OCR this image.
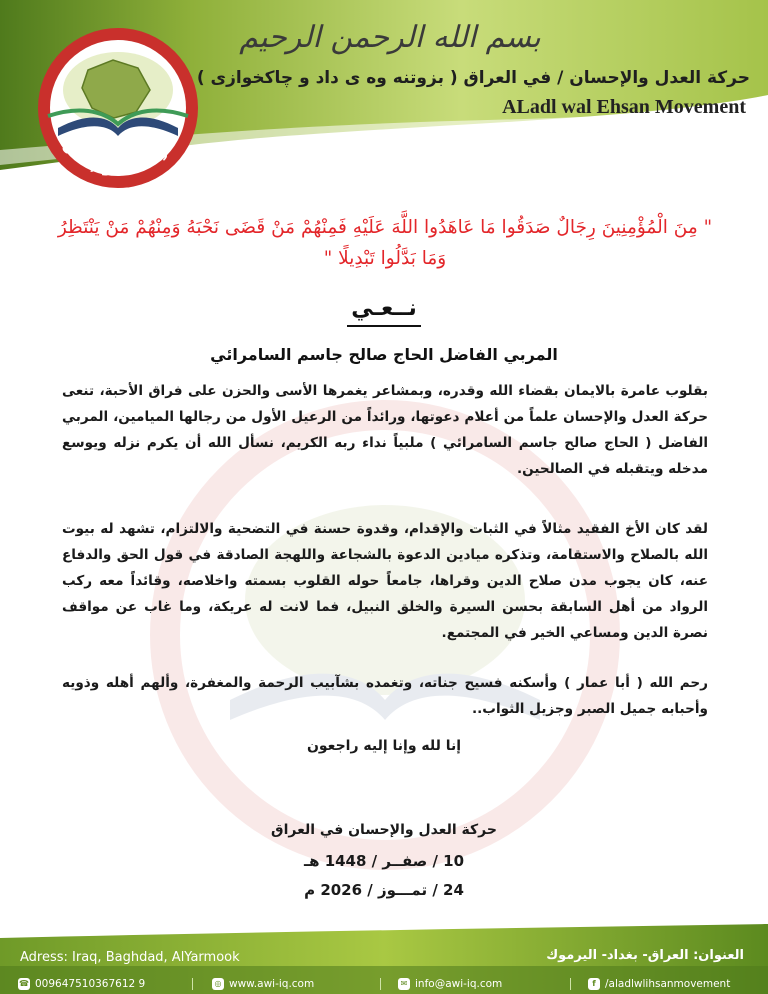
بسم الله الرحمن الرحيم
حركة العدل والإحسان / في العراق ( بزوتنه وه ى داد و چاكخوازى )
ALadl wal Ehsan Movement
حركة العدل والإحسان
" مِنَ الْمُؤْمِنِينَ رِجَالٌ صَدَقُوا مَا عَاهَدُوا اللَّهَ عَلَيْهِ فَمِنْهُمْ مَنْ قَضَى نَحْبَهُ وَمِنْهُمْ مَنْ يَنْتَظِرُ وَمَا بَدَّلُوا تَبْدِيلًا "
نــعـي
المربي الفاضل الحاج صالح جاسم السامرائي
بقلوب عامرة بالايمان بقضاء الله وقدره، وبمشاعر يغمرها الأسى والحزن على فراق الأحبة، تنعى حركة العدل والإحسان علماً من أعلام دعوتها، ورائداً من الرعيل الأول من رجالها الميامين، المربي الفاضل ( الحاج صالح جاسم السامرائي ) ملبياً نداء ربه الكريم، نسأل الله أن يكرم نزله ويوسع مدخله ويتقبله في الصالحين.
لقد كان الأخ الفقيد مثالاً في الثبات والإقدام، وقدوة حسنة في التضحية والالتزام، تشهد له بيوت الله بالصلاح والاستقامة، وتذكره ميادين الدعوة بالشجاعة واللهجة الصادقة في قول الحق والدفاع عنه، كان يجوب مدن صلاح الدين وقراها، جامعاً حوله القلوب بسمته واخلاصه، وقائداً معه ركب الرواد من أهل السابقة بحسن السيرة والخلق النبيل، فما لانت له عريكة، وما غاب عن مواقف نصرة الدين ومساعي الخير في المجتمع.
رحم الله ( أبا عمار ) وأسكنه فسيح جناته، وتغمده بشآبيب الرحمة والمغفرة، وألهم أهله وذويه وأحبابه جميل الصبر وجزيل الثواب..
إنا لله وإنا إليه راجعون
حركة العدل والإحسان في العراق
10 / صفــر / 1448 هـ
24 / تمـــوز / 2026 م
Adress: Iraq, Baghdad, AlYarmook	العنوان: العراق- بغداد- اليرموك
☎ 009647510367612 9	◎ www.awi-iq.com	✉ info@awi-iq.com	f /aladlwlihsanmovement
